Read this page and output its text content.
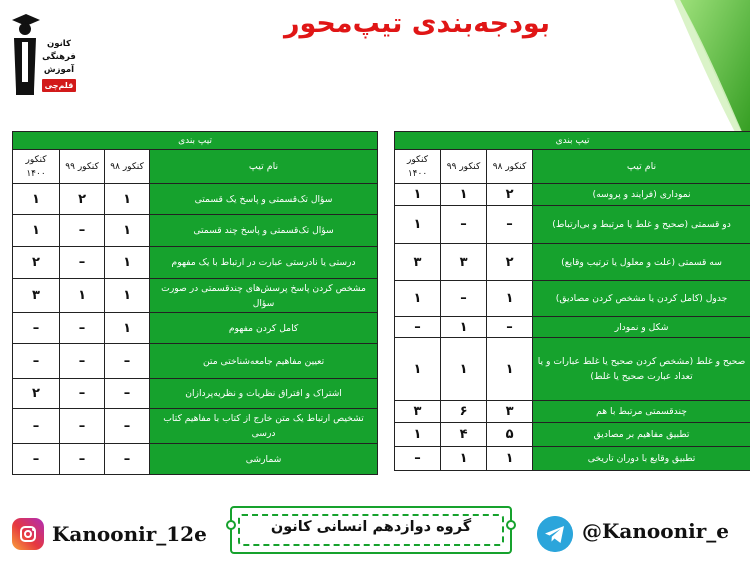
کانون
فرهنگی
آموزش
قلم‌چی
بودجه‌بندی تیپ‌محور
تیپ بندی			
نام تیپ	کنکور ۹۸	کنکور ۹۹	کنکور ۱۴۰۰
سؤال تک‌قسمتی و پاسخ یک قسمتی	۱	۲	۱
سؤال تک‌قسمتی و پاسخ چند قسمتی	۱	–	۱
درستی یا نادرستی عبارت در ارتباط با یک مفهوم	۱	–	۲
مشخص کردن پاسخ پرسش‌های چندقسمتی در صورت سؤال	۱	۱	۳
کامل کردن مفهوم	۱	–	–
تعیین مفاهیم جامعه‌شناختی متن	–	–	–
اشتراک و افتراق نظریات و نظریه‌پردازان	–	–	۲
تشخیص ارتباط یک متن خارج از کتاب با مفاهیم کتاب درسی	–	–	–
شمارشی	–	–	–
تیپ بندی			
نام تیپ	کنکور ۹۸	کنکور ۹۹	کنکور ۱۴۰۰
نموداری (فرایند و پروسه)	۲	۱	۱
دو قسمتی (صحیح و غلط یا مرتبط و بی‌ارتباط)	–	–	۱
سه قسمتی (علت و معلول یا ترتیب وقایع)	۲	۳	۳
جدول (کامل کردن یا مشخص کردن مصادیق)	۱	–	۱
شکل و نمودار	–	۱	–
صحیح و غلط (مشخص کردن صحیح یا غلط عبارات و یا تعداد عبارت صحیح یا غلط)	۱	۱	۱
چندقسمتی مرتبط با هم	۳	۶	۳
تطبیق مفاهیم بر مصادیق	۵	۴	۱
تطبیق وقایع با دوران تاریخی	۱	۱	–
Kanoonir_12e	گروه دوازدهم انسانی کانون	@Kanoonir_e
